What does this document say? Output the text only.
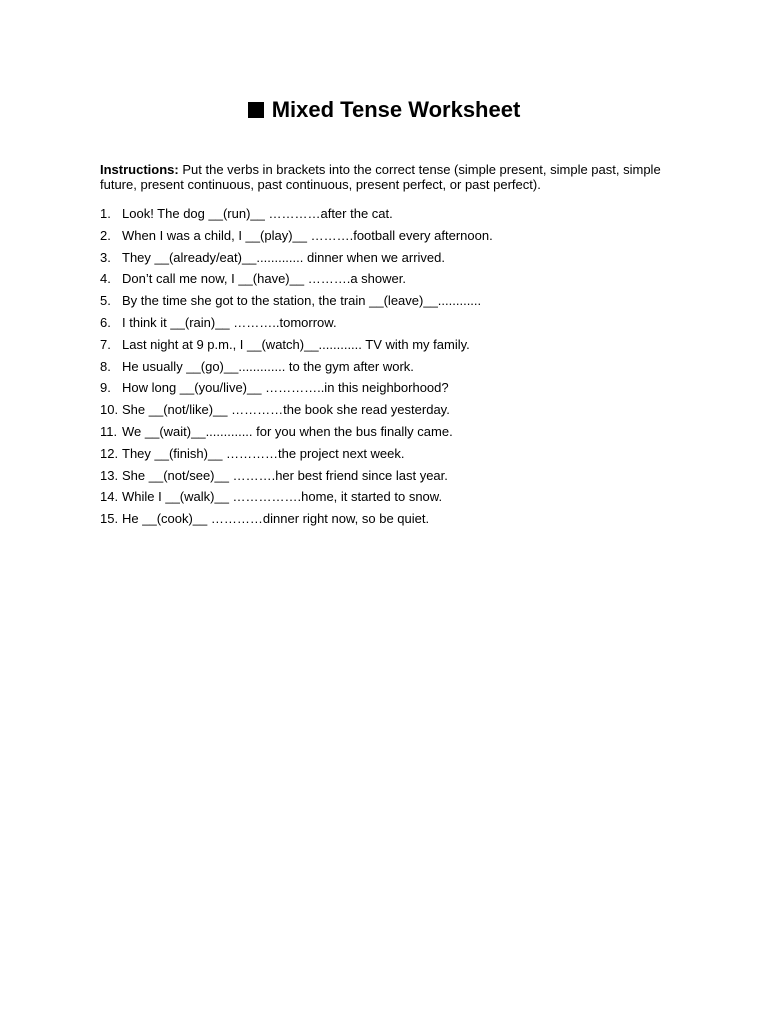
Mixed Tense Worksheet

Instructions: Put the verbs in brackets into the correct tense (simple present, simple past, simple future, present continuous, past continuous, present perfect, or past perfect).

1. Look! The dog __(run)__ …………after the cat.
2. When I was a child, I __(play)__ ……….football every afternoon.
3. They __(already/eat)__............. dinner when we arrived.
4. Don’t call me now, I __(have)__ ……….a shower.
5. By the time she got to the station, the train __(leave)__............
6. I think it __(rain)__ ………..tomorrow.
7. Last night at 9 p.m., I __(watch)__............ TV with my family.
8. He usually __(go)__............. to the gym after work.
9. How long __(you/live)__ …………..in this neighborhood?
10. She __(not/like)__ …………the book she read yesterday.
11. We __(wait)__............. for you when the bus finally came.
12. They __(finish)__ …………the project next week.
13. She __(not/see)__ ……….her best friend since last year.
14. While I __(walk)__ …………….home, it started to snow.
15. He __(cook)__ …………dinner right now, so be quiet.
